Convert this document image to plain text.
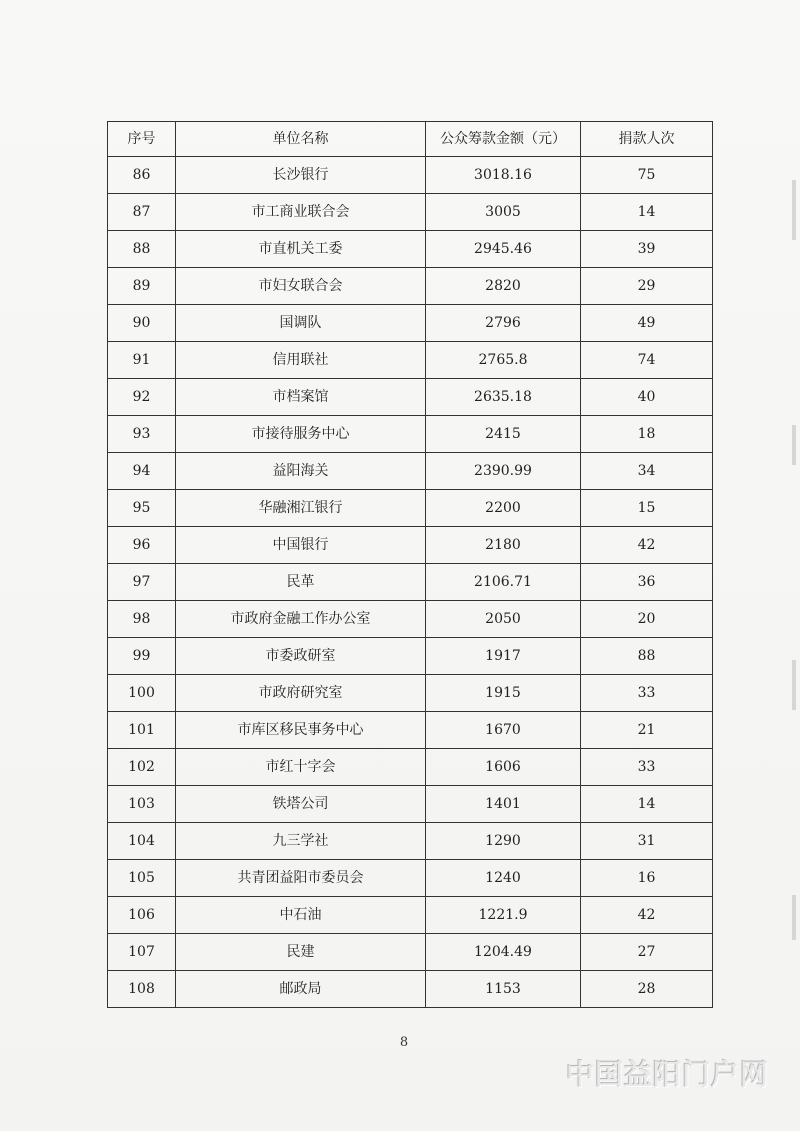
序号	单位名称	公众筹款金额（元）	捐款人次
86	长沙银行	3018.16	75
87	市工商业联合会	3005	14
88	市直机关工委	2945.46	39
89	市妇女联合会	2820	29
90	国调队	2796	49
91	信用联社	2765.8	74
92	市档案馆	2635.18	40
93	市接待服务中心	2415	18
94	益阳海关	2390.99	34
95	华融湘江银行	2200	15
96	中国银行	2180	42
97	民革	2106.71	36
98	市政府金融工作办公室	2050	20
99	市委政研室	1917	88
100	市政府研究室	1915	33
101	市库区移民事务中心	1670	21
102	市红十字会	1606	33
103	铁塔公司	1401	14
104	九三学社	1290	31
105	共青团益阳市委员会	1240	16
106	中石油	1221.9	42
107	民建	1204.49	27
108	邮政局	1153	28
8
中国益阳门户网
